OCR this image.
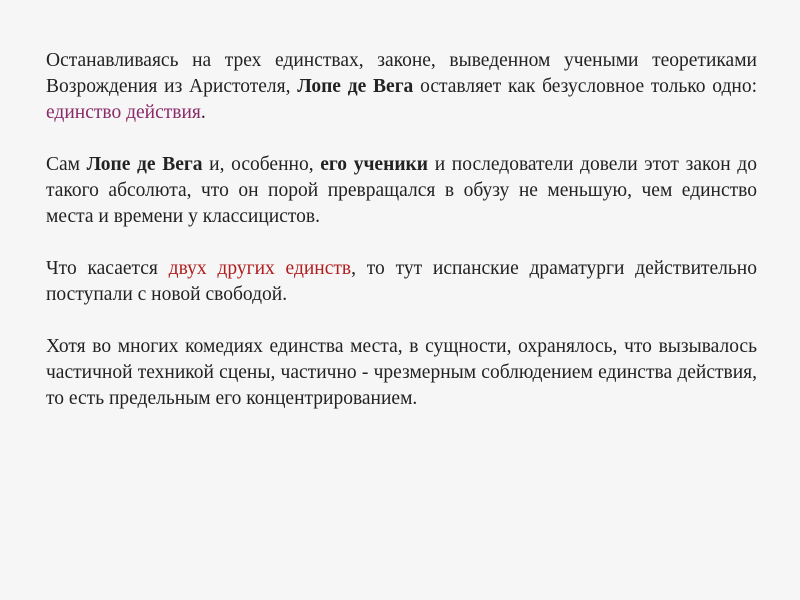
Останавливаясь на трех единствах, законе, выведенном учеными теоретиками Возрождения из Аристотеля, Лопе де Вега оставляет как безусловное только одно: единство действия.

Сам Лопе де Вега и, особенно, его ученики и последователи довели этот закон до такого абсолюта, что он порой превращался в обузу не меньшую, чем единство места и времени у классицистов.

Что касается двух других единств, то тут испанские драматурги действительно поступали с новой свободой.

Хотя во многих комедиях единства места, в сущности, охранялось, что вызывалось частичной техникой сцены, частично - чрезмерным соблюдением единства действия, то есть предельным его концентрированием.
